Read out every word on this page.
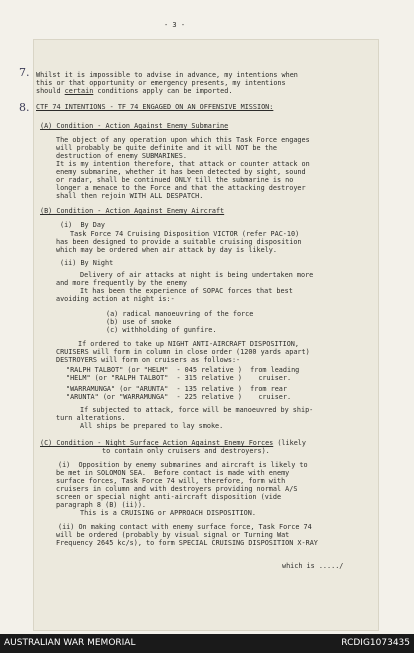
- 3 -

7.
8.

Whilst it is impossible to advise in advance, my intentions when

this or that opportunity or emergency presents, my intentions

should certain conditions apply can be imported.

CTF 74 INTENTIONS - TF 74 ENGAGED ON AN OFFENSIVE MISSION:

(A) Condition - Action Against Enemy Submarine

The object of any operation upon which this Task Force engages

will probably be quite definite and it will NOT be the

destruction of enemy SUBMARINES.

It is my intention therefore, that attack or counter attack on

enemy submarine, whether it has been detected by sight, sound

or radar, shall be continued ONLY till the submarine is no

longer a menace to the Force and that the attacking destroyer

shall then rejoin WITH ALL DESPATCH.

(B) Condition - Action Against Enemy Aircraft

(i)  By Day

Task Force 74 Cruising Disposition VICTOR (refer PAC-10)

has been designed to provide a suitable cruising disposition

which may be ordered when air attack by day is likely.

(ii) By Night

Delivery of air attacks at night is being undertaken more

and more frequently by the enemy

It has been the experience of SOPAC forces that best

avoiding action at night is:-

(a) radical manoeuvring of the force

(b) use of smoke

(c) withholding of gunfire.

If ordered to take up NIGHT ANTI-AIRCRAFT DISPOSITION,

CRUISERS will form in column in close order (1200 yards apart)

DESTROYERS will form on cruisers as follows:-

"RALPH TALBOT" (or "HELM"  - 045 relative )  from leading

"HELM" (or "RALPH TALBOT"  - 315 relative )    cruiser.

"WARRAMUNGA" (or "ARUNTA"  - 135 relative )  from rear

"ARUNTA" (or "WARRAMUNGA"  - 225 relative )    cruiser.

If subjected to attack, force will be manoeuvred by ship-

turn alterations.

All ships be prepared to lay smoke.

(C) Condition - Night Surface Action Against Enemy Forces (likely

to contain only cruisers and destroyers).

(i)  Opposition by enemy submarines and aircraft is likely to

be met in SOLOMON SEA.  Before contact is made with enemy

surface forces, Task Force 74 will, therefore, form with

cruisers in column and with destroyers providing normal A/S

screen or special night anti-aircraft disposition (vide

paragraph 8 (B) (ii)).

This is a CRUISING or APPROACH DISPOSITION.

(ii) On making contact with enemy surface force, Task Force 74

will be ordered (probably by visual signal or Turning Wat

Frequency 2645 kc/s), to form SPECIAL CRUISING DISPOSITION X-RAY

which is ...../

AUSTRALIAN WAR MEMORIAL	RCDIG1073435
